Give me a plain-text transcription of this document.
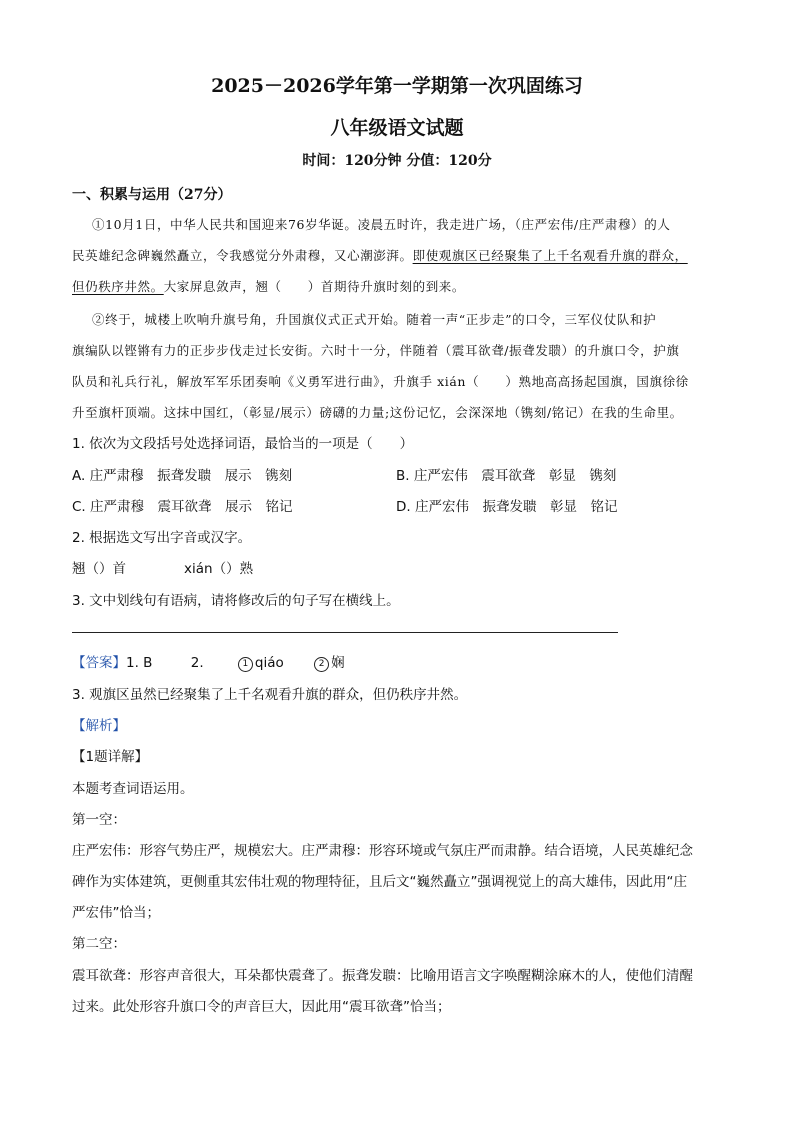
2025－2026学年第一学期第一次巩固练习
八年级语文试题
时间：120分钟 分值：120分
一、积累与运用（27分）
①10月1日，中华人民共和国迎来76岁华诞。凌晨五时许，我走进广场，（庄严宏伟/庄严肃穆）的人
民英雄纪念碑巍然矗立，令我感觉分外肃穆，又心潮澎湃。即使观旗区已经聚集了上千名观看升旗的群众，
但仍秩序井然。大家屏息敛声，翘（　　）首期待升旗时刻的到来。
②终于，城楼上吹响升旗号角，升国旗仪式正式开始。随着一声“正步走”的口令，三军仪仗队和护
旗编队以铿锵有力的正步步伐走过长安街。六时十一分，伴随着（震耳欲聋/振聋发聩）的升旗口令，护旗
队员和礼兵行礼，解放军军乐团奏响《义勇军进行曲》，升旗手 xián（　　）熟地高高扬起国旗，国旗徐徐
升至旗杆顶端。这抹中国红，（彰显/展示）磅礴的力量;这份记忆，会深深地（镌刻/铭记）在我的生命里。
1. 依次为文段括号处选择词语，最恰当的一项是（　　）
A. 庄严肃穆　振聋发聩　展示　镌刻	B. 庄严宏伟　震耳欲聋　彰显　镌刻
C. 庄严肃穆　震耳欲聋　展示　铭记	D. 庄严宏伟　振聋发聩　彰显　铭记
2. 根据选文写出字音或汉字。
翘（）首	xián（）熟
3. 文中划线句有语病，请将修改后的句子写在横线上。
【答案】1. B	2.	1 qiáo	2 娴
3. 观旗区虽然已经聚集了上千名观看升旗的群众，但仍秩序井然。
【解析】
【1题详解】
本题考查词语运用。
第一空：
庄严宏伟：形容气势庄严，规模宏大。庄严肃穆：形容环境或气氛庄严而肃静。结合语境，人民英雄纪念
碑作为实体建筑，更侧重其宏伟壮观的物理特征，且后文“巍然矗立”强调视觉上的高大雄伟，因此用“庄
严宏伟”恰当；
第二空：
震耳欲聋：形容声音很大，耳朵都快震聋了。振聋发聩：比喻用语言文字唤醒糊涂麻木的人，使他们清醒
过来。此处形容升旗口令的声音巨大，因此用“震耳欲聋”恰当；
